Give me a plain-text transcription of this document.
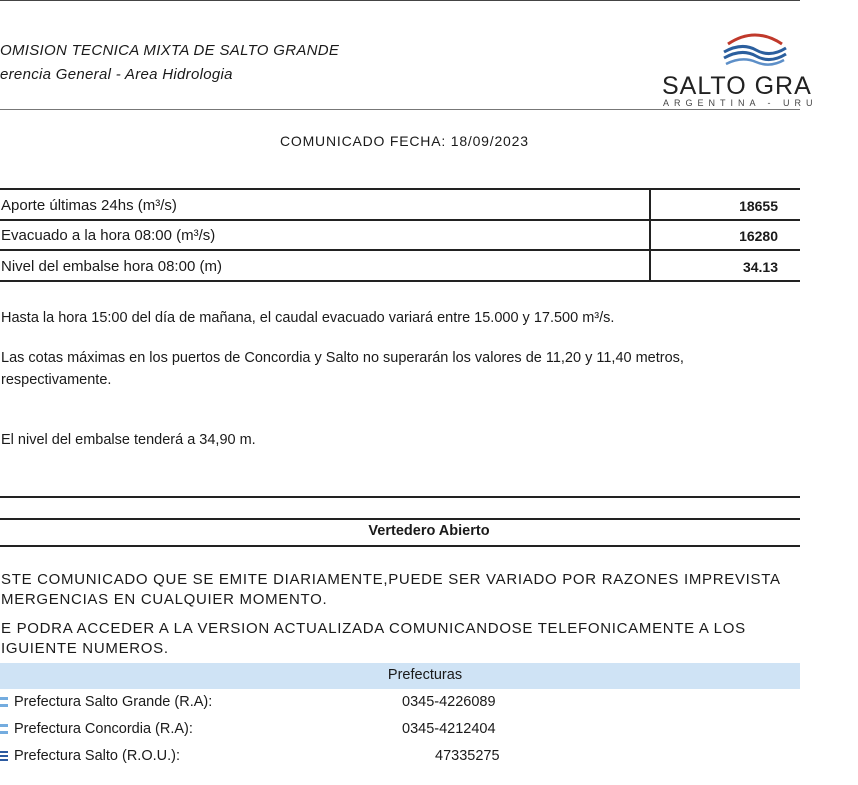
OMISION TECNICA MIXTA DE SALTO GRANDE
erencia General - Area Hidrologia	SALTO GRA
ARGENTINA - URU
COMUNICADO FECHA: 18/09/2023
Aporte últimas 24hs (m³/s)	18655
Evacuado a la hora 08:00 (m³/s)	16280
Nivel del embalse hora 08:00 (m)	34.13
Hasta la hora 15:00 del día de mañana, el caudal evacuado variará entre 15.000 y 17.500 m³/s.
Las cotas máximas en los puertos de Concordia y Salto no superarán los valores de 11,20 y 11,40 metros,
respectivamente.
El nivel del embalse tenderá a 34,90 m.
Vertedero Abierto
STE COMUNICADO QUE SE EMITE DIARIAMENTE,PUEDE SER VARIADO POR RAZONES IMPREVISTA
MERGENCIAS EN CUALQUIER MOMENTO.
E PODRA ACCEDER A LA VERSION ACTUALIZADA COMUNICANDOSE TELEFONICAMENTE A LOS
IGUIENTE NUMEROS.
Prefecturas
Prefectura Salto Grande (R.A):	0345-4226089
Prefectura Concordia (R.A):	0345-4212404
Prefectura Salto (R.O.U.):	47335275
